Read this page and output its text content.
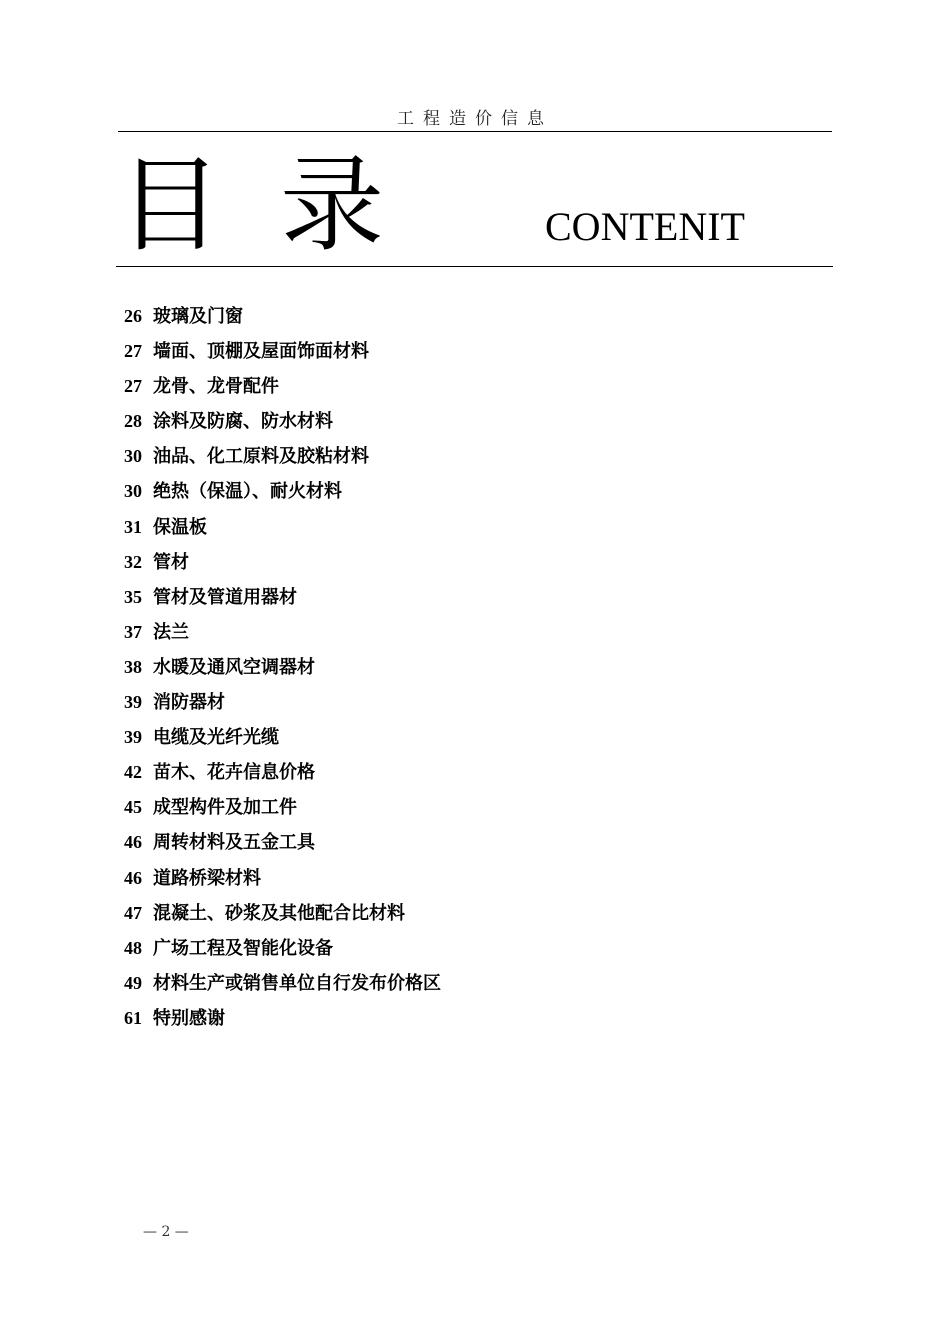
工程造价信息
目录	CONTENIT
26 玻璃及门窗
27 墙面、顶棚及屋面饰面材料
27 龙骨、龙骨配件
28 涂料及防腐、防水材料
30 油品、化工原料及胶粘材料
30 绝热（保温）、耐火材料
31 保温板
32 管材
35 管材及管道用器材
37 法兰
38 水暖及通风空调器材
39 消防器材
39 电缆及光纤光缆
42 苗木、花卉信息价格
45 成型构件及加工件
46 周转材料及五金工具
46 道路桥梁材料
47 混凝土、砂浆及其他配合比材料
48 广场工程及智能化设备
49 材料生产或销售单位自行发布价格区
61 特别感谢
— 2 —
